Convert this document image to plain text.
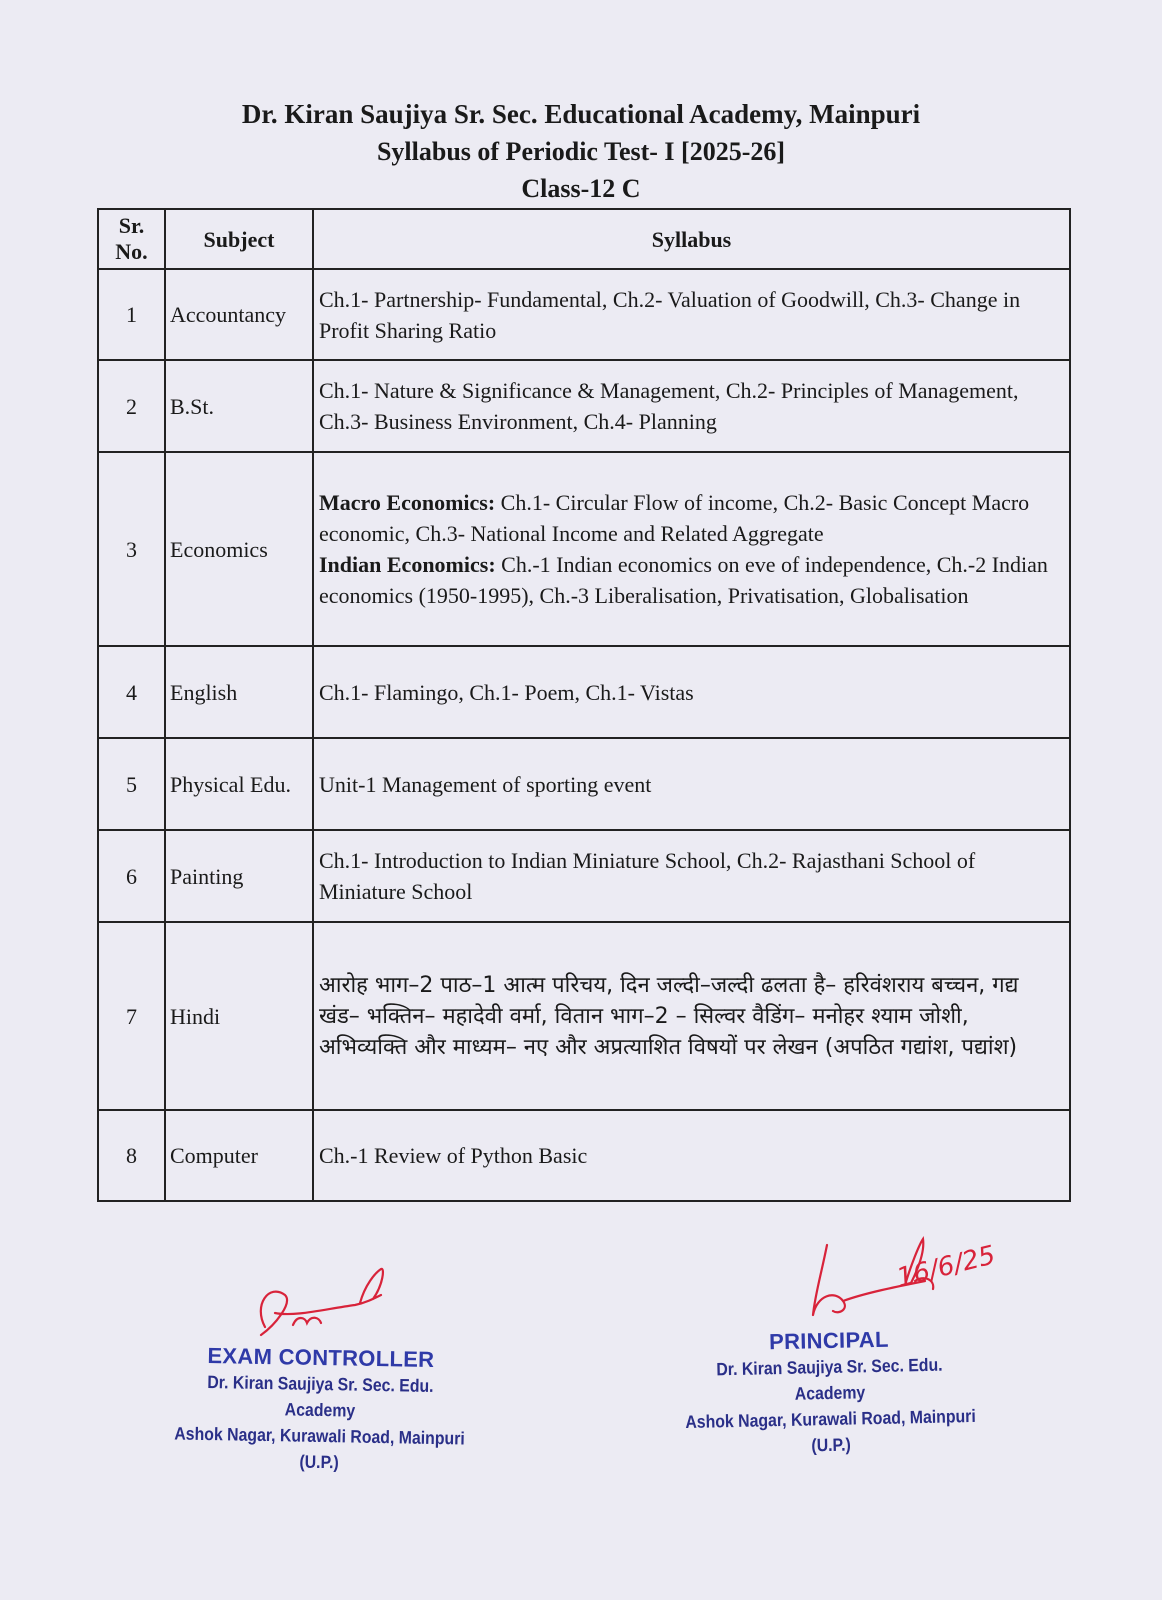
Dr. Kiran Saujiya Sr. Sec. Educational Academy, Mainpuri
Syllabus of Periodic Test- I [2025-26]
Class-12 C
Sr.
No.	Subject	Syllabus
1	Accountancy	Ch.1- Partnership- Fundamental, Ch.2- Valuation of Goodwill, Ch.3- Change in Profit Sharing Ratio
2	B.St.	Ch.1- Nature & Significance & Management, Ch.2- Principles of Management, Ch.3- Business Environment, Ch.4- Planning
3	Economics	Macro Economics: Ch.1- Circular Flow of income, Ch.2- Basic Concept Macro economic, Ch.3- National Income and Related Aggregate
Indian Economics: Ch.-1 Indian economics on eve of independence, Ch.-2 Indian economics (1950-1995), Ch.-3 Liberalisation, Privatisation, Globalisation
4	English	Ch.1- Flamingo, Ch.1- Poem, Ch.1- Vistas
5	Physical Edu.	Unit-1 Management of sporting event
6	Painting	Ch.1- Introduction to Indian Miniature School, Ch.2- Rajasthani School of Miniature School
7	Hindi	आरोह भाग–2 पाठ–1 आत्म परिचय, दिन जल्दी–जल्दी ढलता है– हरिवंशराय बच्चन, गद्य खंड– भक्तिन– महादेवी वर्मा, वितान भाग–2 – सिल्वर वैडिंग– मनोहर श्याम जोशी, अभिव्यक्ति और माध्यम– नए और अप्रत्याशित विषयों पर लेखन (अपठित गद्यांश, पद्यांश)
8	Computer	Ch.-1 Review of Python Basic
EXAM CONTROLLER
Dr. Kiran Saujiya Sr. Sec. Edu. Academy
Ashok Nagar, Kurawali Road, Mainpuri (U.P.)
16/6/25
PRINCIPAL
Dr. Kiran Saujiya Sr. Sec. Edu. Academy
Ashok Nagar, Kurawali Road, Mainpuri (U.P.)
